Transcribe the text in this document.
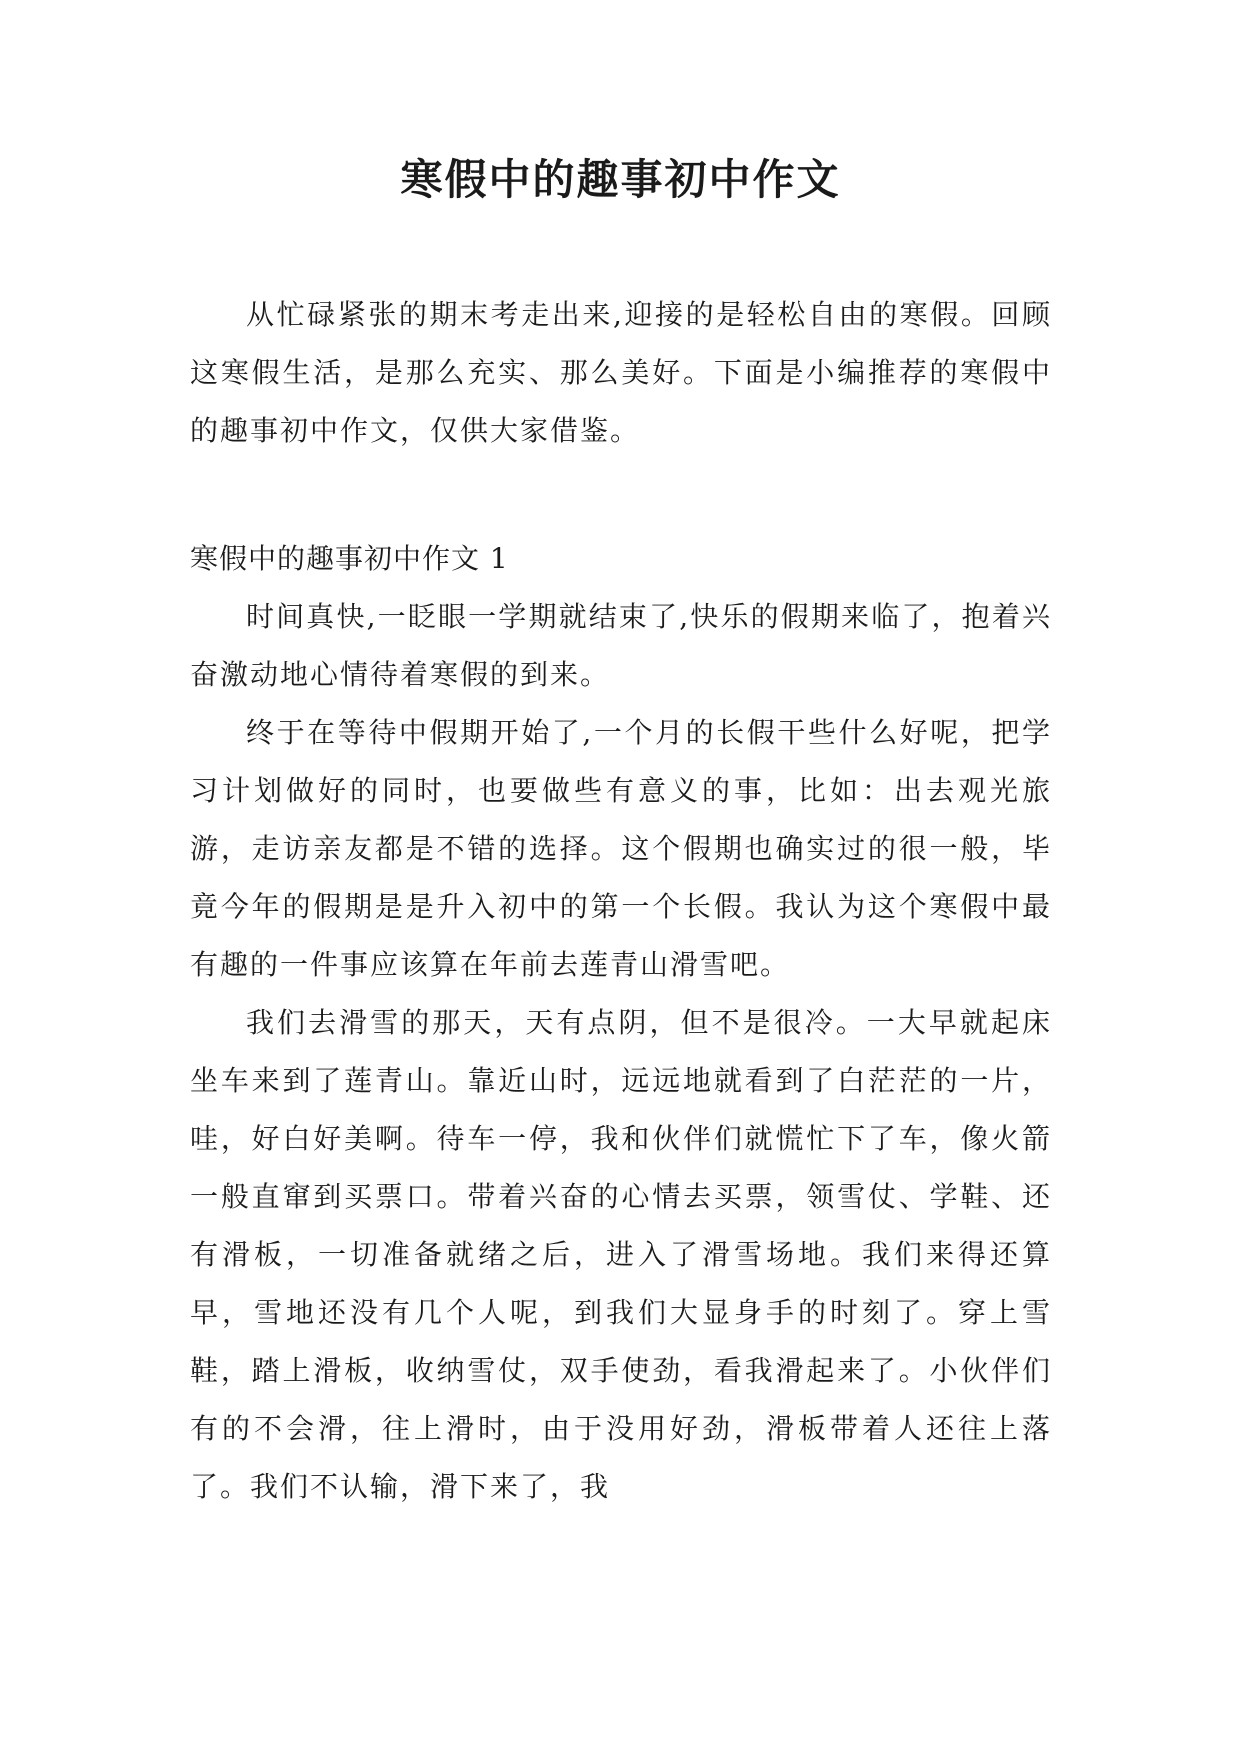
寒假中的趣事初中作文

从忙碌紧张的期末考走出来,迎接的是轻松自由的寒假。回顾这寒假生活，是那么充实、那么美好。下面是小编推荐的寒假中的趣事初中作文，仅供大家借鉴。

寒假中的趣事初中作文 1

时间真快,一眨眼一学期就结束了,快乐的假期来临了，抱着兴奋激动地心情待着寒假的到来。

终于在等待中假期开始了,一个月的长假干些什么好呢，把学习计划做好的同时，也要做些有意义的事，比如：出去观光旅游，走访亲友都是不错的选择。这个假期也确实过的很一般，毕竟今年的假期是是升入初中的第一个长假。我认为这个寒假中最有趣的一件事应该算在年前去莲青山滑雪吧。

我们去滑雪的那天，天有点阴，但不是很冷。一大早就起床坐车来到了莲青山。靠近山时，远远地就看到了白茫茫的一片，哇，好白好美啊。待车一停，我和伙伴们就慌忙下了车，像火箭一般直窜到买票口。带着兴奋的心情去买票，领雪仗、学鞋、还有滑板，一切准备就绪之后，进入了滑雪场地。我们来得还算早，雪地还没有几个人呢，到我们大显身手的时刻了。穿上雪鞋，踏上滑板，收纳雪仗，双手使劲，看我滑起来了。小伙伴们有的不会滑，往上滑时，由于没用好劲，滑板带着人还往上落了。我们不认输，滑下来了，我
